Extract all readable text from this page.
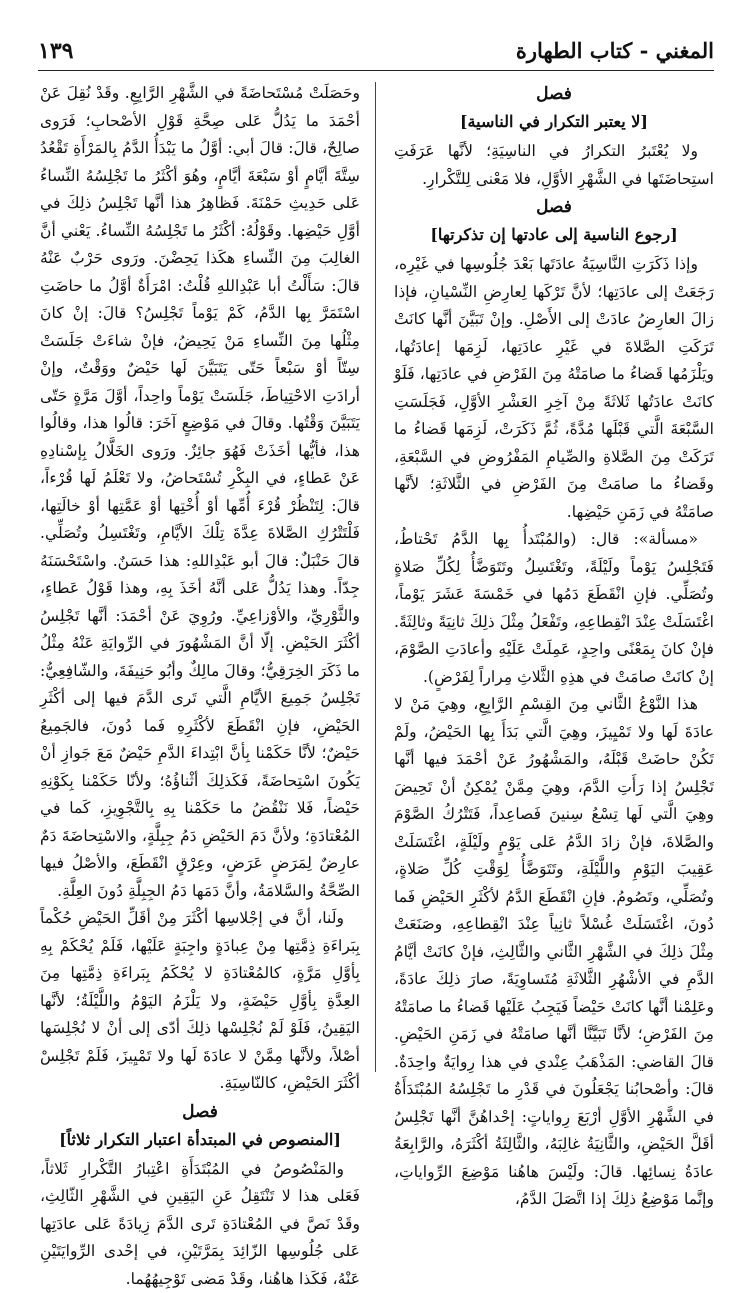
١٣٩	المغني - كتاب الطهارة
فصل
[لا يعتبر التكرار في الناسية]

ولا يُعْتَبرُ التكرارُ في الناسِيَةِ؛ لأنَّها عَرَفَتِ استِحاضَتَها في الشَّهْرِ الأوَّلِ، فلا مَعْنى لِلتَّكْرارِ.

فصل
[رجوع الناسية إلى عادتها إن تذكرتها]

وإذا ذَكَرَتِ النَّاسِيَةُ عادَتَها بَعْدَ جُلُوسِها في غَيْرِه، رَجَعَتْ إلى عادَتِها؛ لأنَّ تَرْكَها لِعارِضِ النِّسْيانِ، فإذا زالَ العارِضُ عادَتْ إلى الأَصْلِ. وإنْ تَبَيَّنَ أنَّها كانَتْ تَرَكَتِ الصَّلاةَ في غَيْرِ عادَتِها، لَزِمَها إعادَتُها، ويَلْزَمُها قَضاءُ ما صامَتْهُ مِنَ الفَرْضِ في عادَتِها، فَلَوْ كانَتْ عادَتُها ثَلاثَةً مِنْ آخِرِ العَشْرِ الأوَّلِ، فَجَلَسَتِ السَّبْعَةَ الَّتي قَبْلَها مُدَّةً، ثُمَّ ذَكَرَتْ، لَزِمَها قَضاءُ ما تَرَكَتْ مِنَ الصَّلاةِ والصِّيامِ المَفْرُوضِ في السَّبْعَةِ، وقَضاءُ ما صامَتْ مِنَ الفَرْضِ في الثَّلاثَةِ؛ لأنَّها صامَتْهُ في زَمَنِ حَيْضِها.

«مسألة»: قال: (والمُبْتَدأُ بِها الدَّمُ تَحْتاطُ، فَتَجْلِسُ يَوْماً ولَيْلَةً، وتَغْتَسِلُ وتَتَوَضَّأُ لِكُلِّ صَلاةٍ وتُصَلِّي. فإنِ انْقَطَعَ دَمُها في خَمْسَةَ عَشَرَ يَوْماً، اغْتَسَلَتْ عِنْدَ انْقِطاعِهِ، وتَفْعَلُ مِثْلَ ذلِكَ ثانِيَةً وثالِثَةً. فإنْ كانَ بِمَعْنًى واحِدٍ، عَمِلَتْ عَلَيْهِ وأعادَتِ الصَّوْمَ، إنْ كانَتْ صامَتْ في هذِهِ الثَّلاثِ مِراراً لِفَرْضٍ).

هذا النَّوْعُ الثَّاني مِنَ القِسْمِ الرَّابِعِ، وهِيَ مَنْ لا عادَةَ لَها ولا تَمْيِيزَ، وهِيَ الَّتي بَدَأَ بِها الحَيْضُ، ولَمْ تَكُنْ حاضَتْ قَبْلَهُ، والمَشْهُورُ عَنْ أحْمَدَ فيها أنَّها تَجْلِسُ إذا رَأَتِ الدَّمَ، وهِيَ مِمَّنْ يُمْكِنُ أنْ تَحِيضَ وهِيَ الَّتي لَها تِسْعُ سِنينَ فَصاعِداً، فَتَتْرُكُ الصَّوْمَ والصَّلاةَ، فإنْ زادَ الدَّمُ عَلى يَوْمٍ ولَيْلَةٍ، اغْتَسَلَتْ عَقِيبَ اليَوْمِ واللَّيْلَةِ، وتَتَوَضَّأُ لِوَقْتِ كُلِّ صَلاةٍ، وتُصَلِّي، وتَصُومُ. فإنِ انْقَطَعَ الدَّمُ لأكْثَرِ الحَيْضِ فَما دُونَ، اغْتَسَلَتْ غُسْلاً ثانِياً عِنْدَ انْقِطاعِهِ، وصَنَعَتْ مِثْلَ ذلِكَ في الشَّهْرِ الثَّاني والثَّالِثِ، فإنْ كانَتْ أيَّامُ الدَّمِ في الأشْهُرِ الثَّلاثَةِ مُتَساوِيَةً، صارَ ذلِكَ عادَةً، وعَلِمْنا أنَّها كانَتْ حَيْضاً فَيَجِبُ عَلَيْها قَضاءُ ما صامَتْهُ مِنَ الفَرْضِ؛ لأنَّا تَبَيَّنَّا أنَّها صامَتْهُ في زَمَنِ الحَيْضِ. قالَ القاضي: المَذْهَبُ عِنْدي في هذا رِوايَةٌ واحِدَةٌ. قالَ: وأصْحابُنا يَجْعَلُونَ في قَدْرِ ما تَجْلِسُهُ المُبْتَدَأَةُ في الشَّهْرِ الأوَّلِ أرْبَعَ رِواياتٍ: إحْداهُنَّ أنَّها تَجْلِسُ أقَلَّ الحَيْضِ، والثَّانِيَةُ غالِبَهُ، والثَّالِثَةُ أكْثَرَهُ، والرَّابِعَةُ عادَةُ نِسائِها. قالَ: ولَيْسَ هاهُنا مَوْضِعَ الرِّواياتِ، وإنَّما مَوْضِعُ ذلِكَ إذا اتَّصَلَ الدَّمُ،

وحَصَلَتْ مُسْتَحاضَةً في الشَّهْرِ الرَّابِعِ. وقَدْ نُقِلَ عَنْ أحْمَدَ ما يَدُلُّ عَلى صِحَّةِ قَوْلِ الأصْحابِ؛ فَرَوى صالِحٌ، قالَ: قالَ أبي: أوَّلُ ما يَبْدَأُ الدَّمُ بِالمَرْأَةِ تَقْعُدُ سِتَّةَ أيَّامٍ أوْ سَبْعَةَ أيَّامٍ، وهُوَ أكْثَرُ ما تَجْلِسُهُ النِّساءُ عَلى حَدِيثِ حَمْنَةَ. فَظاهِرُ هذا أنَّها تَجْلِسُ ذلِكَ في أوَّلِ حَيْضِها. وقَوْلُهُ: أكْثَرُ ما تَجْلِسُهُ النِّساءُ. يَعْني أنَّ الغالِبَ مِنَ النِّساءِ هكَذا يَحِضْنَ. ورَوى حَرْبٌ عَنْهُ قالَ: سَأَلْتُ أبا عَبْدِاللهِ قُلْتُ: امْرَأَةٌ أوَّلُ ما حاضَتِ اسْتَمَرَّ بِها الدَّمُ، كَمْ يَوْماً تَجْلِسُ؟ قالَ: إنْ كانَ مِثْلُها مِنَ النِّساءِ مَنْ يَحِيضُ، فإنْ شاءَتْ جَلَسَتْ سِتّاً أوْ سَبْعاً حَتّى يَتَبَيَّنَ لَها حَيْضٌ ووَقْتٌ، وإنْ أرادَتِ الاحْتِياطَ، جَلَسَتْ يَوْماً واحِداً، أوَّلَ مَرَّةٍ حَتّى يَتَبَيَّنَ وَقْتُها. وقالَ في مَوْضِعٍ آخَرَ: قالُوا هذا، وقالُوا هذا، فأيُّها أخَذَتْ فَهُوَ جائِزٌ. ورَوى الخَلَّالُ بِإسْنادِهِ عَنْ عَطاءٍ، في البِكْرِ تُسْتَحاضُ، ولا تَعْلَمُ لَها قُرْءاً، قالَ: لِتَنْظُرْ قُرْءَ أُمِّها أوْ أُخْتِها أوْ عَمَّتِها أوْ خالَتِها، فَلْتَتْرُكِ الصَّلاةَ عِدَّةَ تِلْكَ الأيَّامِ، وتَغْتَسِلُ وتُصَلِّي. قالَ حَنْبَلٌ: قالَ أبو عَبْدِاللهِ: هذا حَسَنٌ. واسْتَحْسَنَهُ جِدّاً. وهذا يَدُلُّ عَلى أنَّهُ أخَذَ بِهِ، وهذا قَوْلُ عَطاءٍ، والثَّوْرِيِّ، والأوْزاعِيِّ. ورُوِيَ عَنْ أحْمَدَ: أنَّها تَجْلِسُ أكْثَرَ الحَيْضِ. إلّا أنَّ المَشْهُورَ في الرِّوايَةِ عَنْهُ مِثْلُ ما ذَكَرَ الخِرَقِيُّ؛ وقالَ مالِكٌ وأبُو حَنِيفَةَ، والشّافِعِيُّ: تَجْلِسُ جَمِيعَ الأيَّامِ الَّتي تَرى الدَّمَ فيها إلى أكْثَرِ الحَيْضِ، فإنِ انْقَطَعَ لأكْثَرِهِ فَما دُونَ، فالجَمِيعُ حَيْضٌ؛ لأنَّا حَكَمْنا بِأنَّ ابْتِداءَ الدَّمِ حَيْضٌ مَعَ جَوازِ أنْ يَكُونَ اسْتِحاضَةً، فَكَذلِكَ أثْناؤُهُ؛ ولأنّا حَكَمْنا بِكَوْنِهِ حَيْضاً، فَلا نَنْقُضُ ما حَكَمْنا بِهِ بِالتَّجْوِيزِ، كَما في المُعْتادَةِ؛ ولأنَّ دَمَ الحَيْضِ دَمُ جِبِلَّةٍ، والاسْتِحاضَةَ دَمٌ عارِضٌ لِمَرَضٍ عَرَضٍ، وعِرْقٍ انْقَطَعَ، والأصْلُ فيها الصِّحَّةُ والسَّلامَةُ، وأنَّ دَمَها دَمُ الجِبِلَّةِ دُونَ العِلَّةِ.

ولَنا، أنَّ في إجْلاسِها أكْثَرَ مِنْ أقَلِّ الحَيْضِ حُكْماً بِبَراءَةِ ذِمَّتِها مِنْ عِبادَةٍ واجِبَةٍ عَلَيْها، فَلَمْ يُحْكَمْ بِهِ بِأوَّلِ مَرَّةٍ، كالمُعْتادَةِ لا يُحْكَمُ بِبَراءَةِ ذِمَّتِها مِنَ العِدَّةِ بِأوَّلِ حَيْضَةٍ، ولا يَلْزَمُ اليَوْمُ واللَّيْلَةُ؛ لأنَّها اليَقِينُ، فَلَوْ لَمْ نُجْلِسْها ذلِكَ أدّى إلى أنْ لا نُجْلِسَها أصْلاً، ولأنَّها مِمَّنْ لا عادَةَ لَها ولا تَمْيِيزَ، فَلَمْ تَجْلِسْ أكْثَرَ الحَيْضِ، كالنّاسِيَةِ.

فصل
[المنصوص في المبتدأة اعتبار التكرار ثلاثاً]

والمَنْصُوصُ في المُبْتَدَأَةِ اعْتِبارُ التَّكْرارِ ثَلاثاً، فَعَلى هذا لا تَنْتَقِلُ عَنِ اليَقِينِ في الشَّهْرِ الثّالِثِ، وقَدْ نَصَّ في المُعْتادَةِ تَرى الدَّمَ زِيادَةً عَلى عادَتِها عَلى جُلُوسِها الزّائِدَ بِمَرَّتَيْنِ، في إحْدى الرِّوايَتَيْنِ عَنْهُ، فَكَذا هاهُنا، وقَدْ مَضى تَوْجِيهُهُما.
